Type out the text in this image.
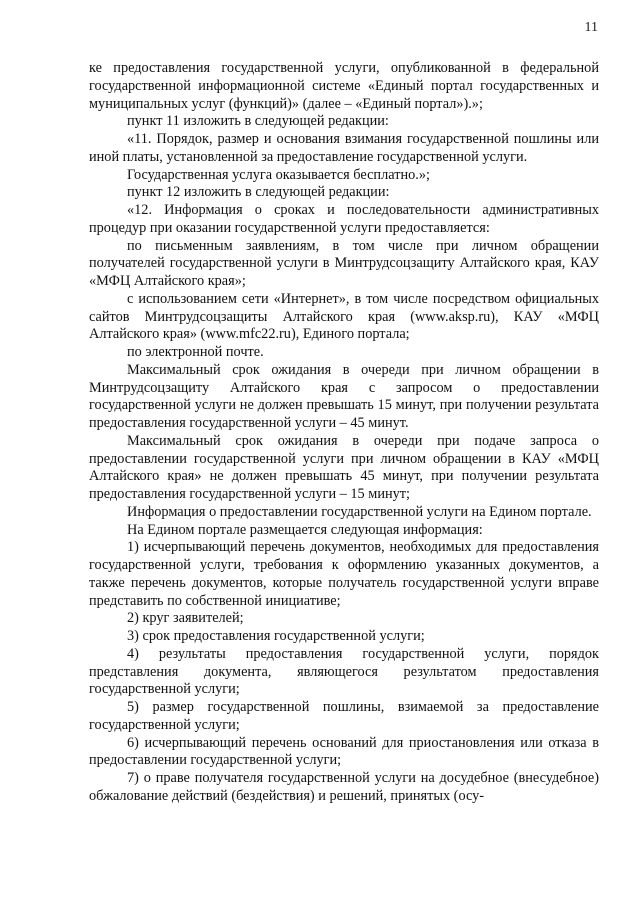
11

ке предоставления государственной услуги, опубликованной в федеральной государственной информационной системе «Единый портал государственных и муниципальных услуг (функций)» (далее – «Единый портал»).»;

пункт 11 изложить в следующей редакции:

«11. Порядок, размер и основания взимания государственной пошлины или иной платы, установленной за предоставление государственной услуги.

Государственная услуга оказывается бесплатно.»;

пункт 12 изложить в следующей редакции:

«12. Информация о сроках и последовательности административных процедур при оказании государственной услуги предоставляется:

по письменным заявлениям, в том числе при личном обращении получателей государственной услуги в Минтрудсоцзащиту Алтайского края, КАУ «МФЦ Алтайского края»;

с использованием сети «Интернет», в том числе посредством официальных сайтов Минтрудсоцзащиты Алтайского края (www.aksp.ru), КАУ «МФЦ Алтайского края» (www.mfc22.ru), Единого портала;

по электронной почте.

Максимальный срок ожидания в очереди при личном обращении в Минтрудсоцзащиту Алтайского края с запросом о предоставлении государственной услуги не должен превышать 15 минут, при получении результата предоставления государственной услуги – 45 минут.

Максимальный срок ожидания в очереди при подаче запроса о предоставлении государственной услуги при личном обращении в КАУ «МФЦ Алтайского края» не должен превышать 45 минут, при получении результата предоставления государственной услуги – 15 минут;

Информация о предоставлении государственной услуги на Едином портале.

На Едином портале размещается следующая информация:

1) исчерпывающий перечень документов, необходимых для предоставления государственной услуги, требования к оформлению указанных документов, а также перечень документов, которые получатель государственной услуги вправе представить по собственной инициативе;

2) круг заявителей;

3) срок предоставления государственной услуги;

4) результаты предоставления государственной услуги, порядок представления документа, являющегося результатом предоставления государственной услуги;

5) размер государственной пошлины, взимаемой за предоставление государственной услуги;

6) исчерпывающий перечень оснований для приостановления или отказа в предоставлении государственной услуги;

7) о праве получателя государственной услуги на досудебное (внесудебное) обжалование действий (бездействия) и решений, принятых (осу-
